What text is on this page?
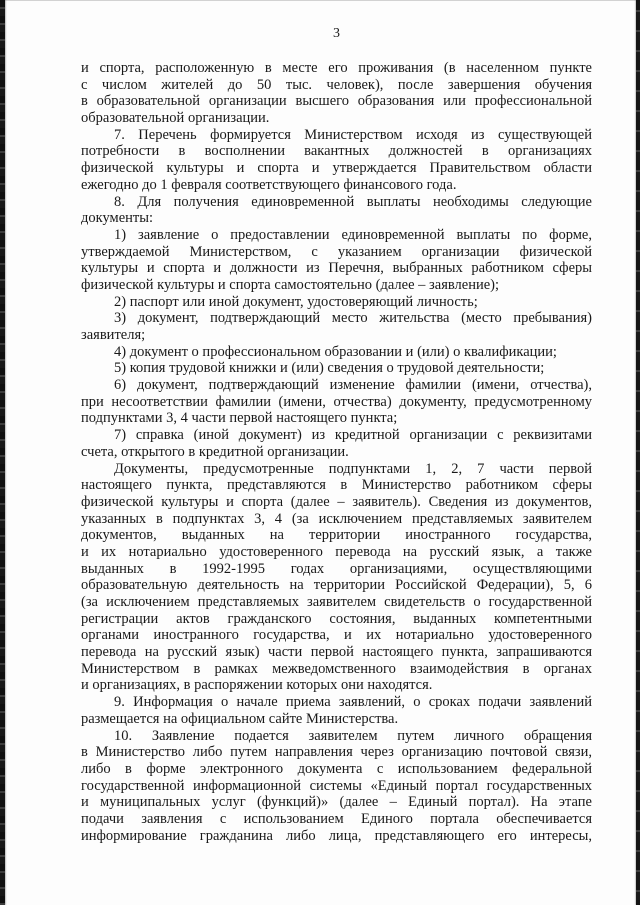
3
и спорта, расположенную в месте его проживания (в населенном пункте
с числом жителей до 50 тыс. человек), после завершения обучения
в образовательной организации высшего образования или профессиональной
образовательной организации.
7. Перечень формируется Министерством исходя из существующей
потребности в восполнении вакантных должностей в организациях
физической культуры и спорта и утверждается Правительством области
ежегодно до 1 февраля соответствующего финансового года.
8. Для получения единовременной выплаты необходимы следующие
документы:
1) заявление о предоставлении единовременной выплаты по форме,
утверждаемой Министерством, с указанием организации физической
культуры и спорта и должности из Перечня, выбранных работником сферы
физической культуры и спорта самостоятельно (далее – заявление);
2) паспорт или иной документ, удостоверяющий личность;
3) документ, подтверждающий место жительства (место пребывания)
заявителя;
4) документ о профессиональном образовании и (или) о квалификации;
5) копия трудовой книжки и (или) сведения о трудовой деятельности;
6) документ, подтверждающий изменение фамилии (имени, отчества),
при несоответствии фамилии (имени, отчества) документу, предусмотренному
подпунктами 3, 4 части первой настоящего пункта;
7) справка (иной документ) из кредитной организации с реквизитами
счета, открытого в кредитной организации.
Документы, предусмотренные подпунктами 1, 2, 7 части первой
настоящего пункта, представляются в Министерство работником сферы
физической культуры и спорта (далее – заявитель). Сведения из документов,
указанных в подпунктах 3, 4 (за исключением представляемых заявителем
документов, выданных на территории иностранного государства,
и их нотариально удостоверенного перевода на русский язык, а также
выданных в 1992-1995 годах организациями, осуществляющими
образовательную деятельность на территории Российской Федерации), 5, 6
(за исключением представляемых заявителем свидетельств о государственной
регистрации актов гражданского состояния, выданных компетентными
органами иностранного государства, и их нотариально удостоверенного
перевода на русский язык) части первой настоящего пункта, запрашиваются
Министерством в рамках межведомственного взаимодействия в органах
и организациях, в распоряжении которых они находятся.
9. Информация о начале приема заявлений, о сроках подачи заявлений
размещается на официальном сайте Министерства.
10. Заявление подается заявителем путем личного обращения
в Министерство либо путем направления через организацию почтовой связи,
либо в форме электронного документа с использованием федеральной
государственной информационной системы «Единый портал государственных
и муниципальных услуг (функций)» (далее – Единый портал). На этапе
подачи заявления с использованием Единого портала обеспечивается
информирование гражданина либо лица, представляющего его интересы,
